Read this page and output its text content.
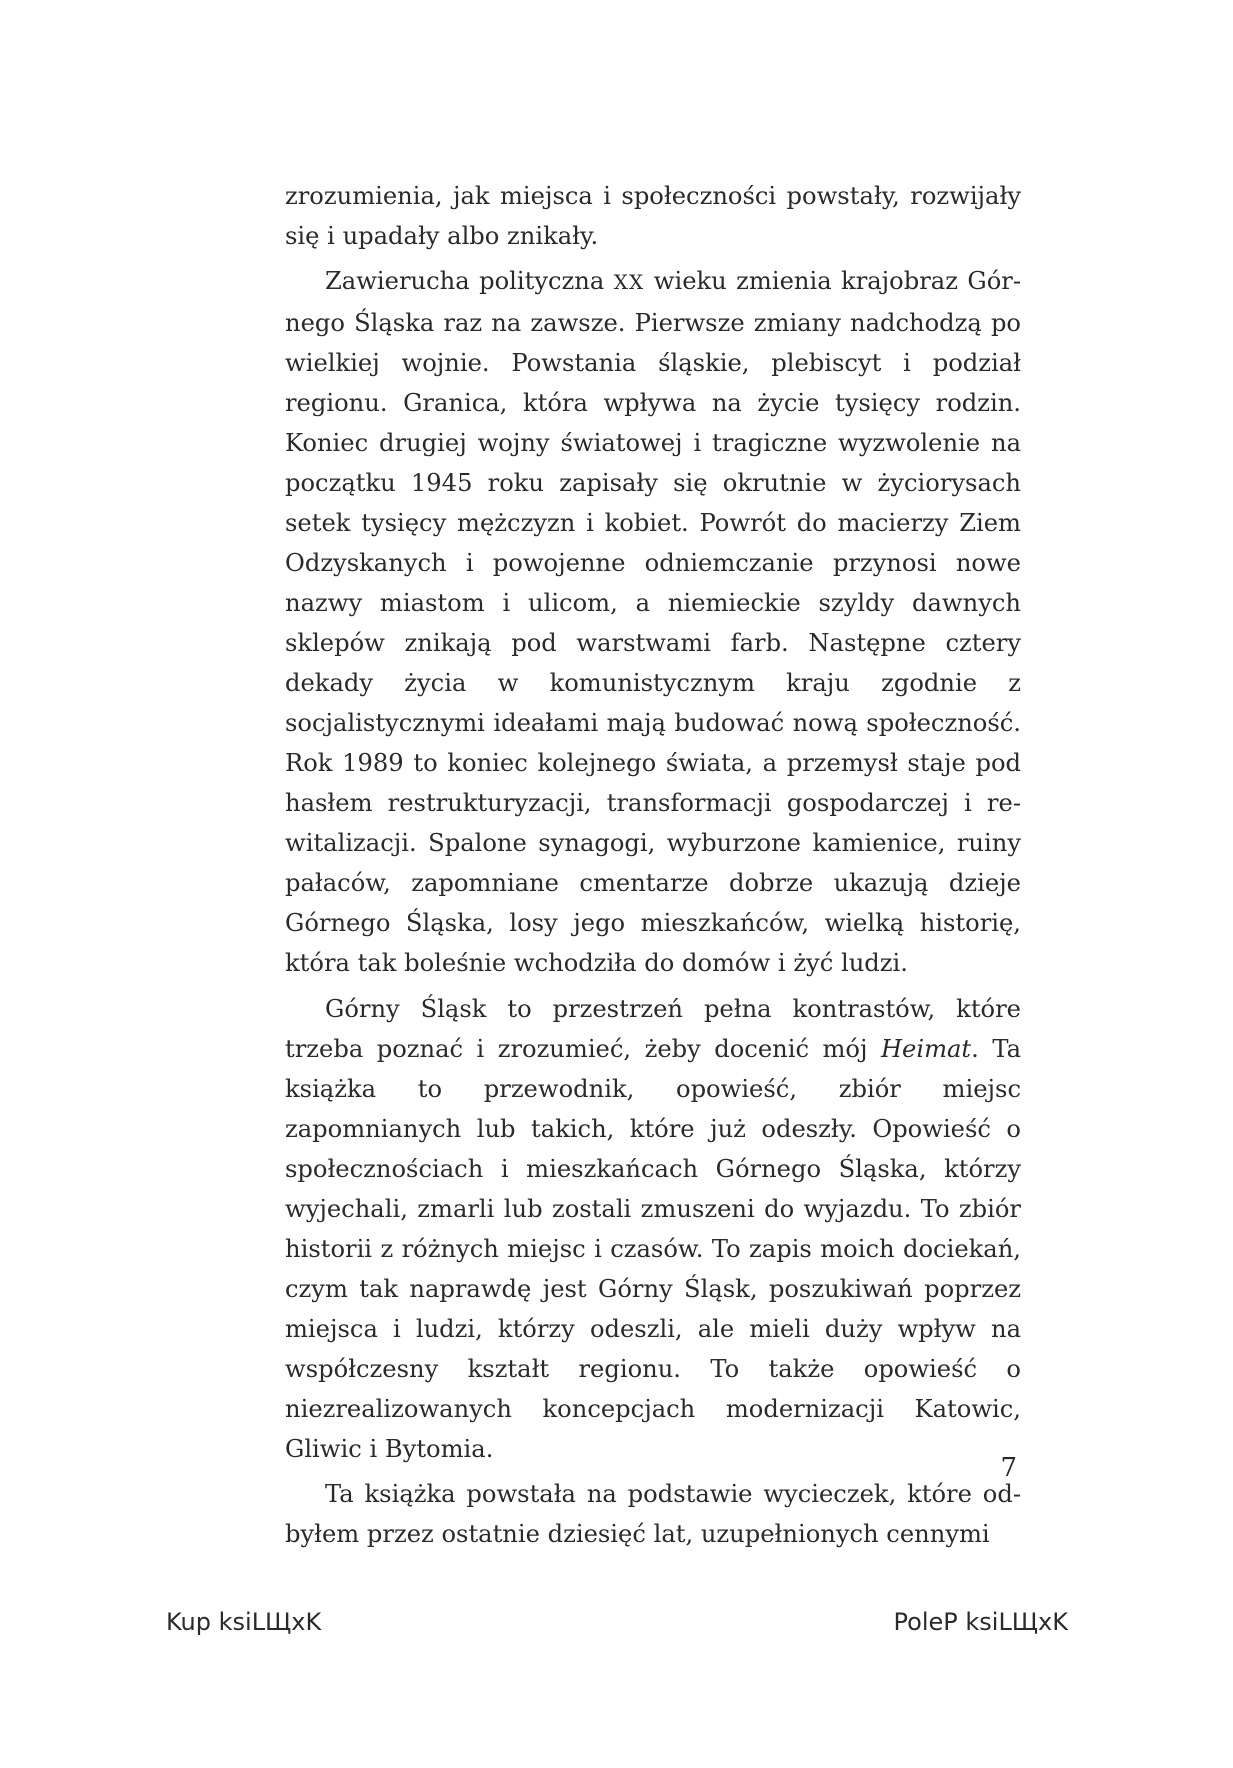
zrozumienia, jak miejsca i społeczności powstały, rozwijały się i upadały albo znikały.

Zawierucha polityczna XX wieku zmienia krajobraz Górnego Śląska raz na zawsze. Pierwsze zmiany nadchodzą po wielkiej wojnie. Powstania śląskie, plebiscyt i podział regionu. Granica, która wpływa na życie tysięcy rodzin. Koniec drugiej wojny światowej i tragiczne wyzwolenie na początku 1945 roku zapisały się okrutnie w życiorysach setek tysięcy mężczyzn i kobiet. Powrót do macierzy Ziem Odzyskanych i powojenne odniemczanie przynosi nowe nazwy miastom i ulicom, a niemieckie szyldy dawnych sklepów znikają pod warstwami farb. Następne cztery dekady życia w komunistycznym kraju zgodnie z socjalistycznymi ideałami mają budować nową społeczność. Rok 1989 to koniec kolejnego świata, a przemysł staje pod hasłem restrukturyzacji, transformacji gospodarczej i rewitalizacji. Spalone synagogi, wyburzone kamienice, ruiny pałaców, zapomniane cmentarze dobrze ukazują dzieje Górnego Śląska, losy jego mieszkańców, wielką historię, która tak boleśnie wchodziła do domów i żyć ludzi.

Górny Śląsk to przestrzeń pełna kontrastów, które trzeba poznać i zrozumieć, żeby docenić mój Heimat. Ta książka to przewodnik, opowieść, zbiór miejsc zapomnianych lub takich, które już odeszły. Opowieść o społecznościach i mieszkańcach Górnego Śląska, którzy wyjechali, zmarli lub zostali zmuszeni do wyjazdu. To zbiór historii z różnych miejsc i czasów. To zapis moich dociekań, czym tak naprawdę jest Górny Śląsk, poszukiwań poprzez miejsca i ludzi, którzy odeszli, ale mieli duży wpływ na współczesny kształt regionu. To także opowieść o niezrealizowanych koncepcjach modernizacji Katowic, Gliwic i Bytomia.

Ta książka powstała na podstawie wycieczek, które odbyłem przez ostatnie dziesięć lat, uzupełnionych cennymi

7
Kup ksiLЩxK	PoleP ksiLЩxK
